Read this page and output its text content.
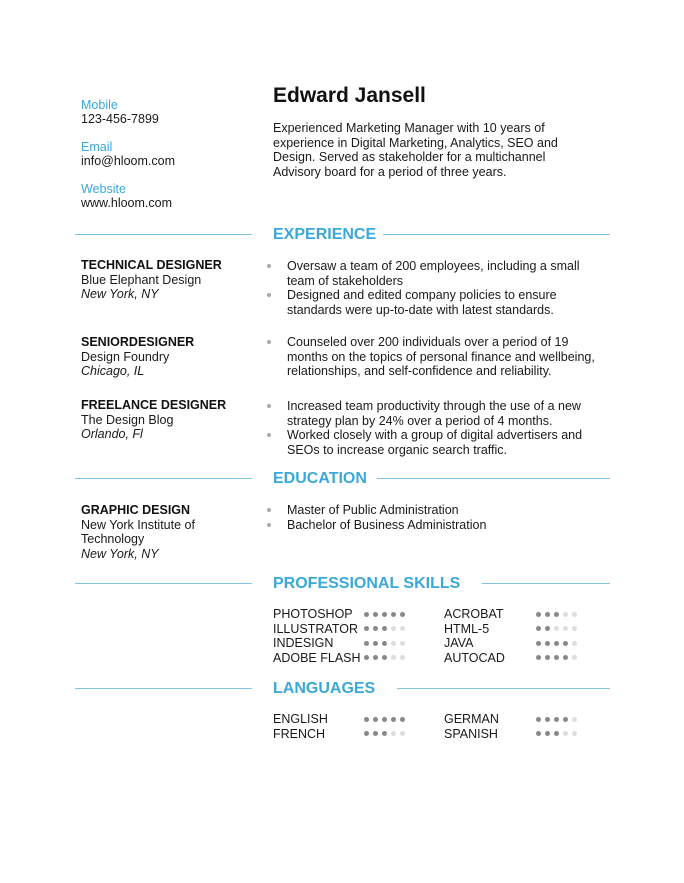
Mobile
123-456-7899
Email
info@hloom.com
Website
www.hloom.com
Edward Jansell
Experienced Marketing Manager with 10 years of experience in Digital Marketing, Analytics, SEO and Design. Served as stakeholder for a multichannel Advisory board for a period of three years.
EXPERIENCE
TECHNICAL DESIGNER
Blue Elephant Design
New York, NY
Oversaw a team of 200 employees, including a small team of stakeholders
Designed and edited company policies to ensure standards were up-to-date with latest standards.
SENIORDESIGNER
Design Foundry
Chicago, IL
Counseled over 200 individuals over a period of 19 months on the topics of personal finance and wellbeing, relationships, and self-confidence and reliability.
FREELANCE DESIGNER
The Design Blog
Orlando, Fl
Increased team productivity through the use of a new strategy plan by 24% over a period of 4 months.
Worked closely with a group of digital advertisers and SEOs to increase organic search traffic.
EDUCATION
GRAPHIC DESIGN
New York Institute of Technology
New York, NY
Master of Public Administration
Bachelor of Business Administration
PROFESSIONAL SKILLS
PHOTOSHOP
ILLUSTRATOR
INDESIGN
ADOBE FLASH
ACROBAT
HTML-5
JAVA
AUTOCAD
LANGUAGES
ENGLISH
FRENCH
GERMAN
SPANISH
